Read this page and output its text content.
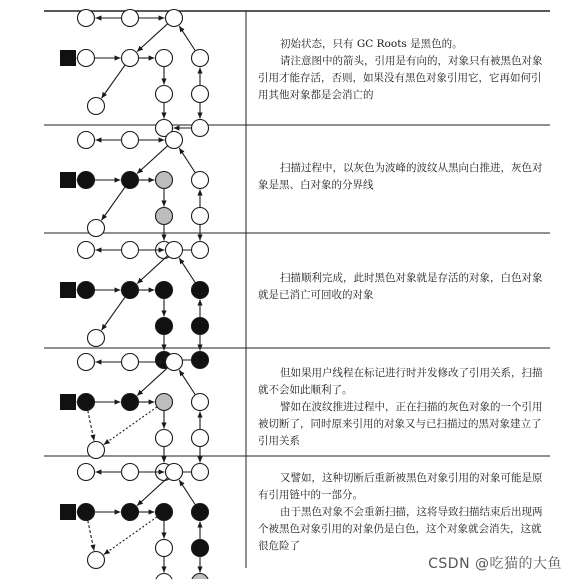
初始状态，只有 GC Roots 是黑色的。

请注意图中的箭头，引用是有向的，对象只有被黑色对象引用才能存活，否则，如果没有黑色对象引用它，它再如何引用其他对象都是会消亡的

扫描过程中，以灰色为波峰的波纹从黑向白推进，灰色对象是黑、白对象的分界线

扫描顺利完成，此时黑色对象就是存活的对象，白色对象就是已消亡可回收的对象

但如果用户线程在标记进行时并发修改了引用关系，扫描就不会如此顺利了。

譬如在波纹推进过程中，正在扫描的灰色对象的一个引用被切断了，同时原来引用的对象又与已扫描过的黑对象建立了引用关系

又譬如，这种切断后重新被黑色对象引用的对象可能是原有引用链中的一部分。

由于黑色对象不会重新扫描，这将导致扫描结束后出现两个被黑色对象引用的对象仍是白色，这个对象就会消失，这就很危险了

CSDN @吃猫的大鱼
